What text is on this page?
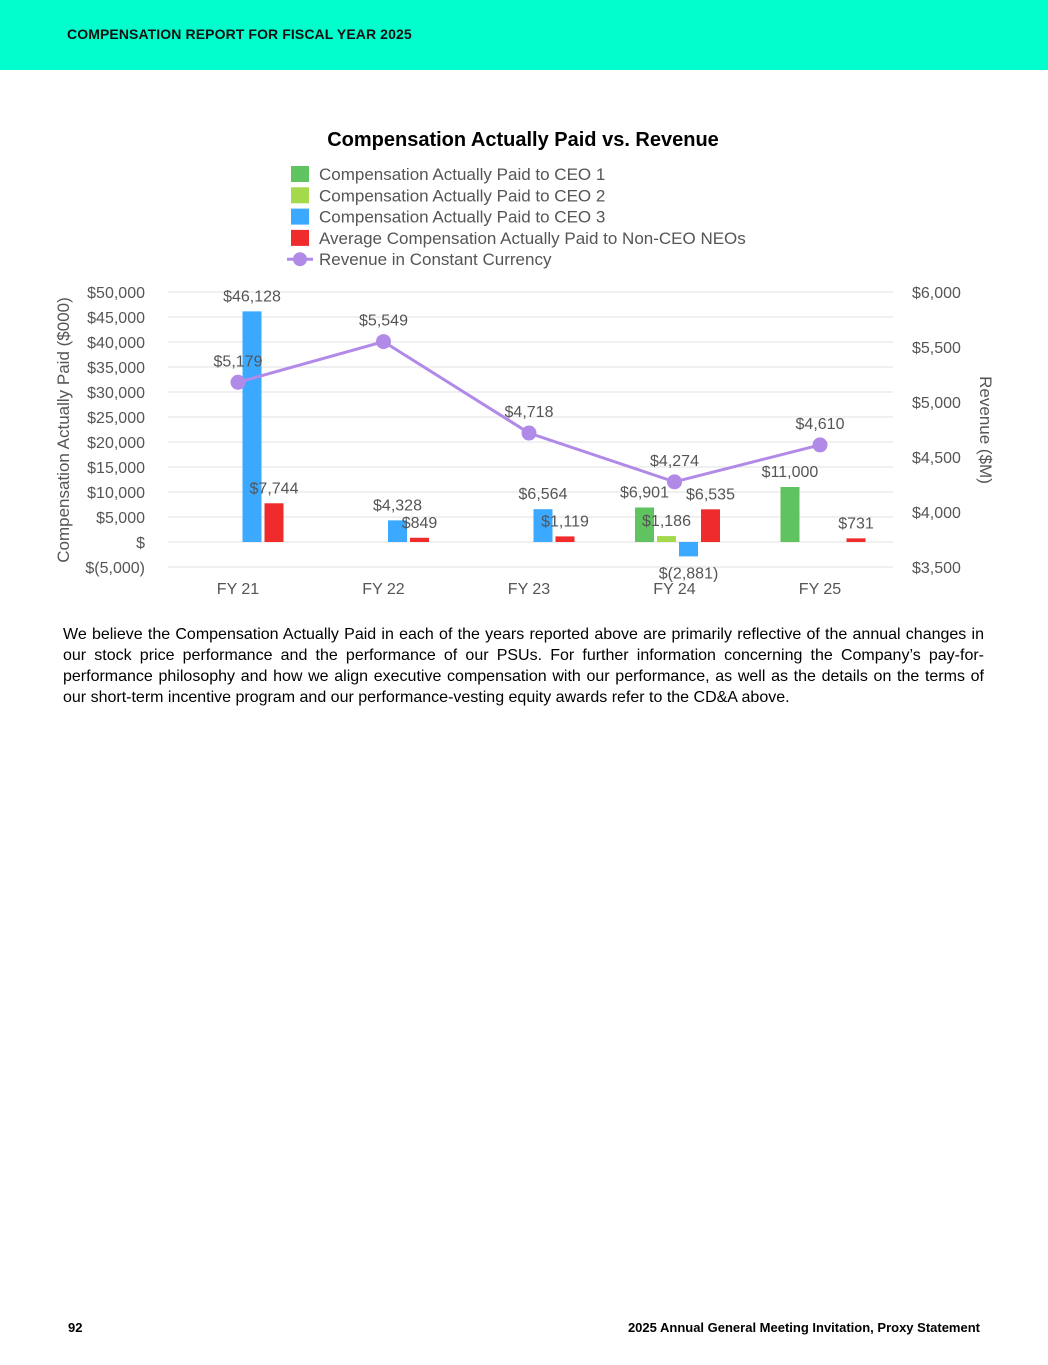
COMPENSATION REPORT FOR FISCAL YEAR 2025
Compensation Actually Paid vs. Revenue
Compensation Actually Paid to CEO 1
Compensation Actually Paid to CEO 2
Compensation Actually Paid to CEO 3
Average Compensation Actually Paid to Non-CEO NEOs
Revenue in Constant Currency
$(5,000)
$
$5,000
$10,000
$15,000
$20,000
$25,000
$30,000
$35,000
$40,000
$45,000
$50,000
$3,500
$4,000
$4,500
$5,000
$5,500
$6,000
Compensation Actually Paid ($000)	Revenue ($M)
FY 21	FY 22	FY 23	FY 24	FY 25
$6,901
$11,000
$1,186
$46,128
$4,328
$6,564
$(2,881)
$7,744
$849	$1,119
$6,535
$731
$5,179
$5,549
$4,718
$4,274
$4,610
We believe the Compensation Actually Paid in each of the years reported above are primarily reflective of the annual changes in our stock price performance and the performance of our PSUs. For further information concerning the Company’s pay-for-performance philosophy and how we align executive compensation with our performance, as well as the details on the terms of our short-term incentive program and our performance-vesting equity awards refer to the CD&A above.
92	2025 Annual General Meeting Invitation, Proxy Statement
